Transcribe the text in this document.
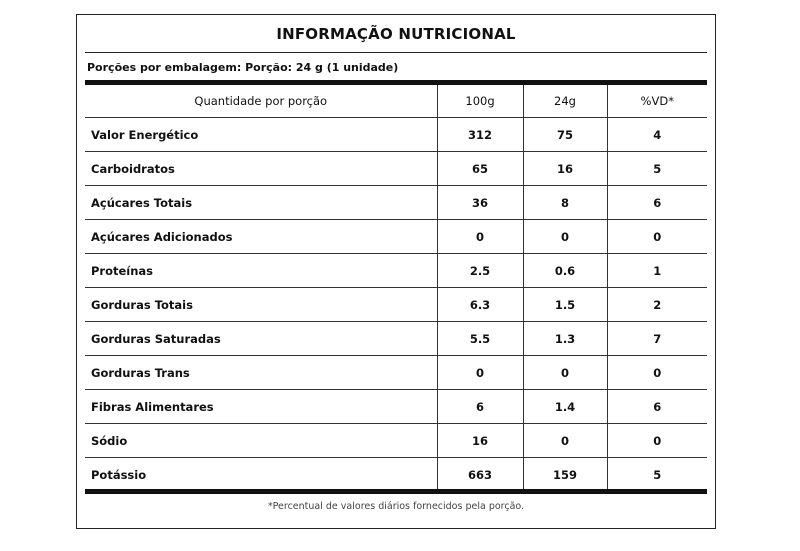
INFORMAÇÃO NUTRICIONAL
Porções por embalagem: Porção: 24 g (1 unidade)
Quantidade por porção	100g	24g	%VD*
Valor Energético	312	75	4
Carboidratos	65	16	5
Açúcares Totais	36	8	6
Açúcares Adicionados	0	0	0
Proteínas	2.5	0.6	1
Gorduras Totais	6.3	1.5	2
Gorduras Saturadas	5.5	1.3	7
Gorduras Trans	0	0	0
Fibras Alimentares	6	1.4	6
Sódio	16	0	0
Potássio	663	159	5
*Percentual de valores diários fornecidos pela porção.
